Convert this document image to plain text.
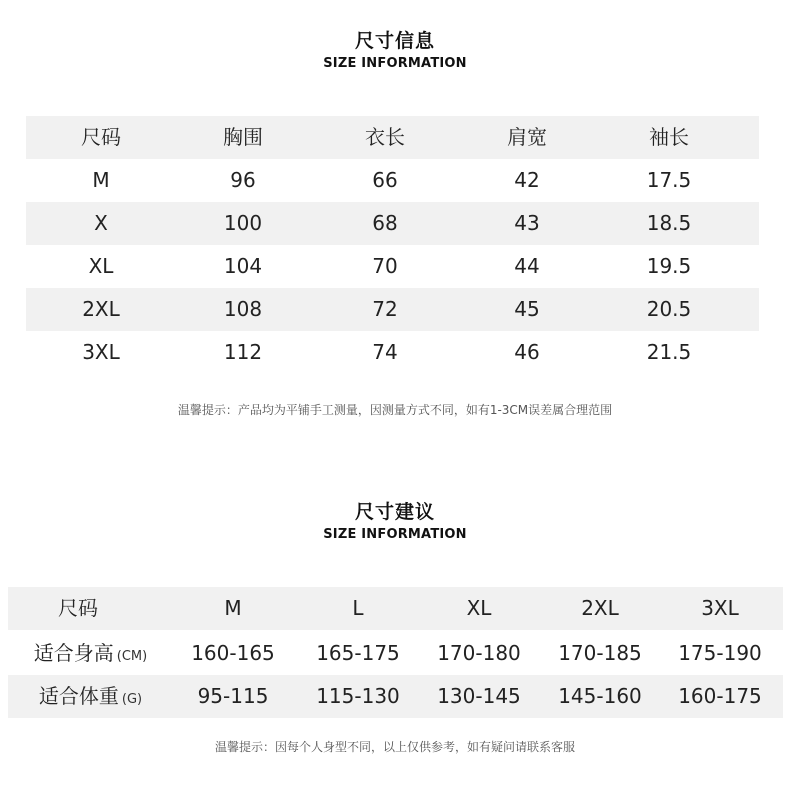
尺寸信息
SIZE INFORMATION
尺码	胸围	衣长	肩宽	袖长
M	96	66	42	17.5
X	100	68	43	18.5
XL	104	70	44	19.5
2XL	108	72	45	20.5
3XL	112	74	46	21.5
温馨提示：产品均为平铺手工测量，因测量方式不同，如有1-3CM误差属合理范围
尺寸建议
SIZE INFORMATION
尺码	M	L	XL	2XL	3XL
适合身高 (CM)	160-165	165-175	170-180	170-185	175-190
适合体重 (G)	95-115	115-130	130-145	145-160	160-175
温馨提示：因每个人身型不同，以上仅供参考，如有疑问请联系客服
